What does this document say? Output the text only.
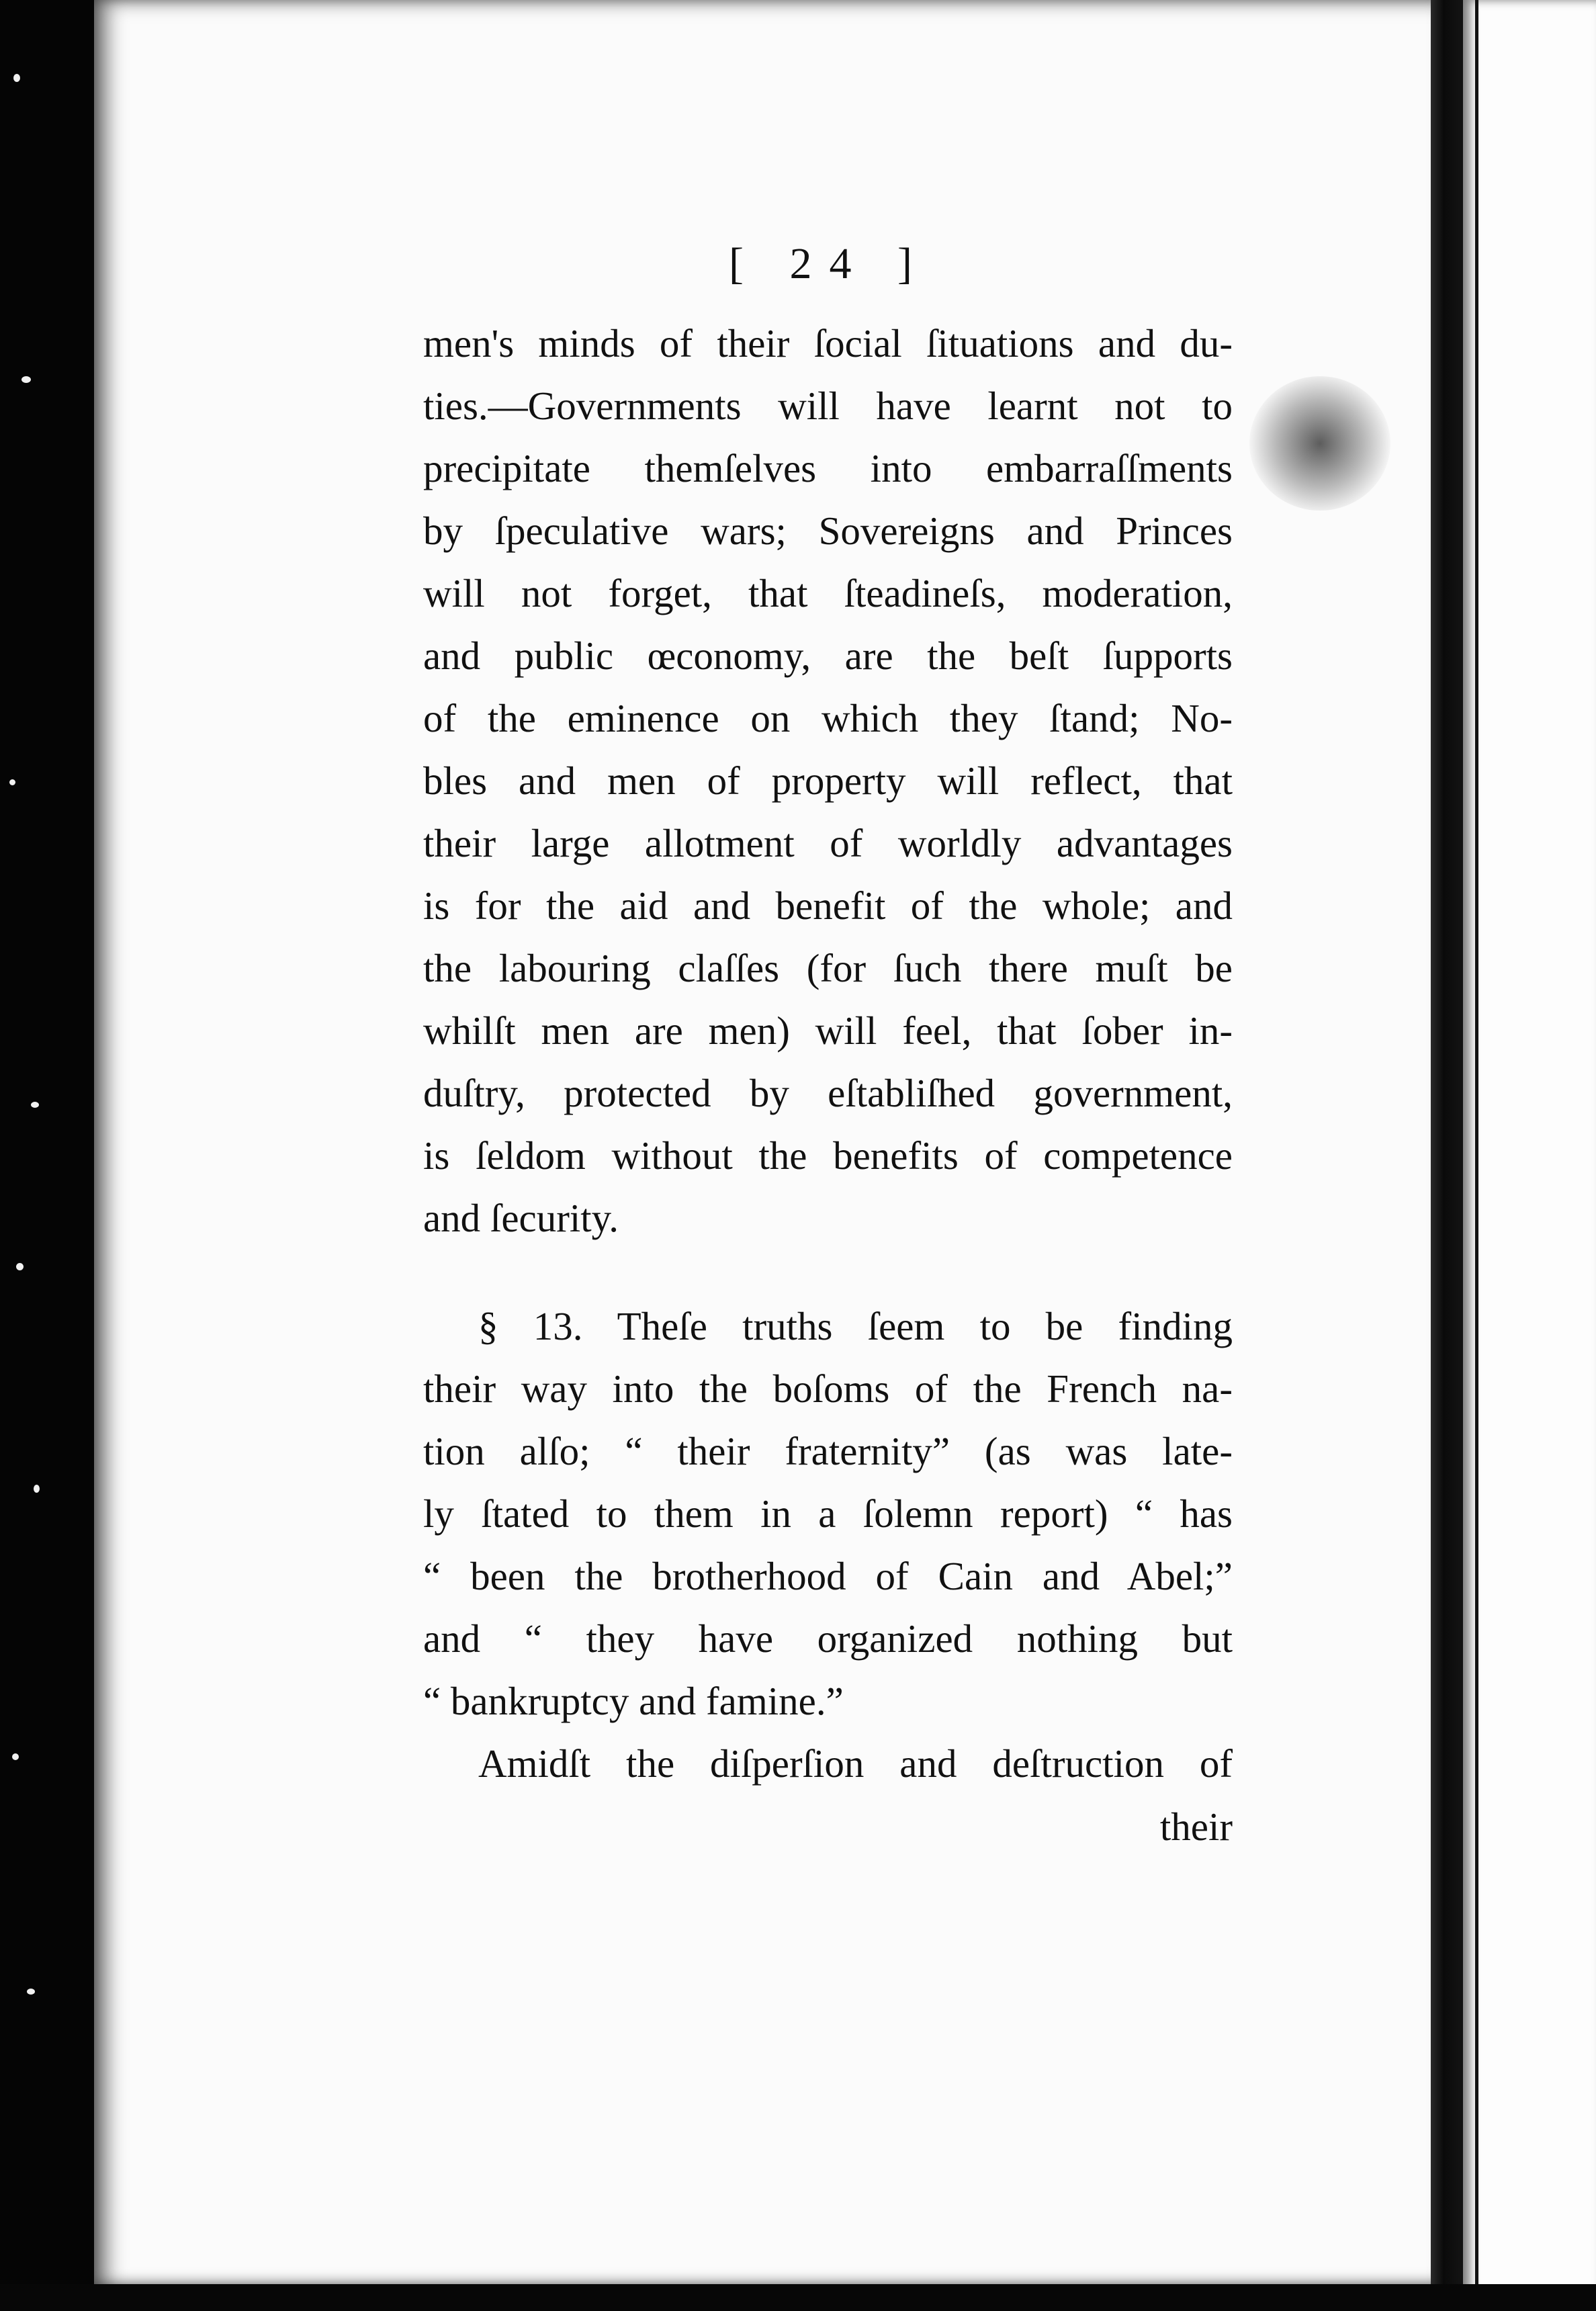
[ 24 ]
men's minds of their ſocial ſituations and du-
ties.—Governments will have learnt not to
precipitate themſelves into embarraſſments
by ſpeculative wars; Sovereigns and Princes
will not forget, that ſteadineſs, moderation,
and public œconomy, are the beſt ſupports
of the eminence on which they ſtand; No-
bles and men of property will reflect, that
their large allotment of worldly advantages
is for the aid and benefit of the whole; and
the labouring claſſes (for ſuch there muſt be
whilſt men are men) will feel, that ſober in-
duſtry, protected by eſtabliſhed government,
is ſeldom without the benefits of competence
and ſecurity.
§ 13. Theſe truths ſeem to be finding
their way into the boſoms of the French na-
tion alſo; “ their fraternity” (as was late-
ly ſtated to them in a ſolemn report) “ has
“ been the brotherhood of Cain and Abel;”
and “ they have organized nothing but
“ bankruptcy and famine.”
Amidſt the diſperſion and deſtruction of
their
